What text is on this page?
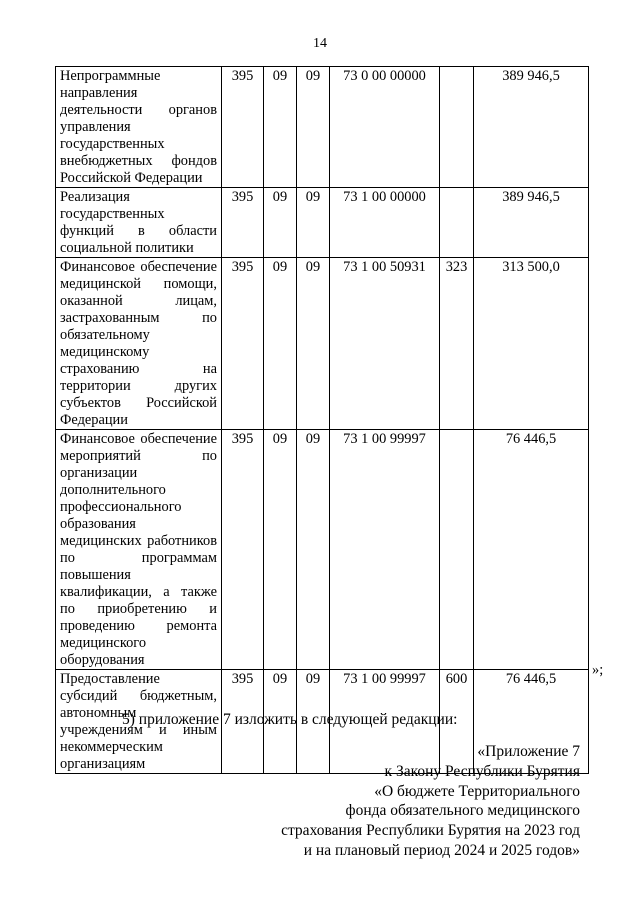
14
Непрограммные направления деятельности органов управления государственных внебюджетных фондов Российской Федерации	395	09	09	73 0 00 00000		389 946,5
Реализация государственных функций в области социальной политики	395	09	09	73 1 00 00000		389 946,5
Финансовое обеспечение медицинской помощи, оказанной лицам, застрахованным по обязательному медицинскому страхованию на территории других субъектов Российской Федерации	395	09	09	73 1 00 50931	323	313 500,0
Финансовое обеспечение мероприятий по организации дополнительного профессионального образования медицинских работников по программам повышения квалификации, а также по приобретению и проведению ремонта медицинского оборудования	395	09	09	73 1 00 99997		76 446,5
Предоставление субсидий бюджетным, автономным учреждениям и иным некоммерческим организациям	395	09	09	73 1 00 99997	600	76 446,5
»;
5) приложение 7 изложить в следующей редакции:
«Приложение 7
к Закону Республики Бурятия
«О бюджете Территориального
фонда обязательного медицинского
страхования Республики Бурятия на 2023 год
и на плановый период 2024 и 2025 годов»
